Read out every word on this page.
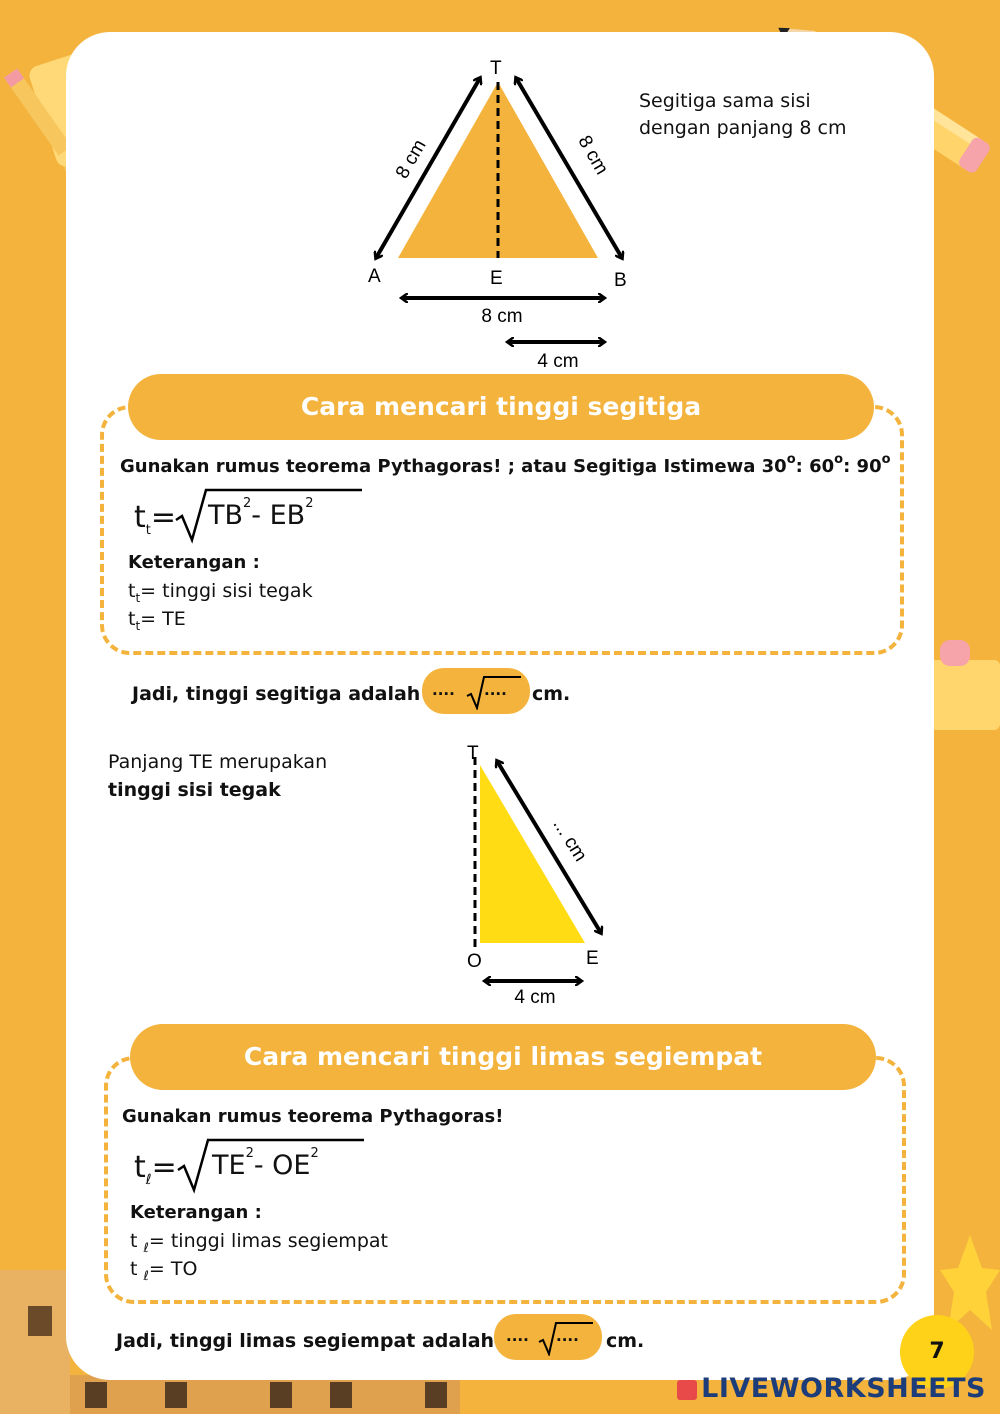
T
A	E	B
8 cm	8 cm
8 cm
4 cm
Segitiga sama sisi
dengan panjang 8 cm
Cara mencari tinggi segitiga
Gunakan rumus teorema Pythagoras! ; atau Segitiga Istimewa 30$^o$: 60$^o$: 90$^o$
$t_t= TB^2-$ $EB^2$
Keterangan :
$t_t=$ tinggi sisi tegak
$t_t=$ TE
Jadi, tinggi segitiga adalah .... .... cm.
Panjang TE merupakan
tinggi sisi tegak
T
O	E
... cm
4 cm
Cara mencari tinggi limas segiempat
Gunakan rumus teorema Pythagoras!
$t_\ell= TE^2-$ $OE^2$
Keterangan :
t $_\ell$= tinggi limas segiempat
t $_\ell$= TO
Jadi, tinggi limas segiempat adalah .... .... cm.	7
LIVEWORKSHEETS
